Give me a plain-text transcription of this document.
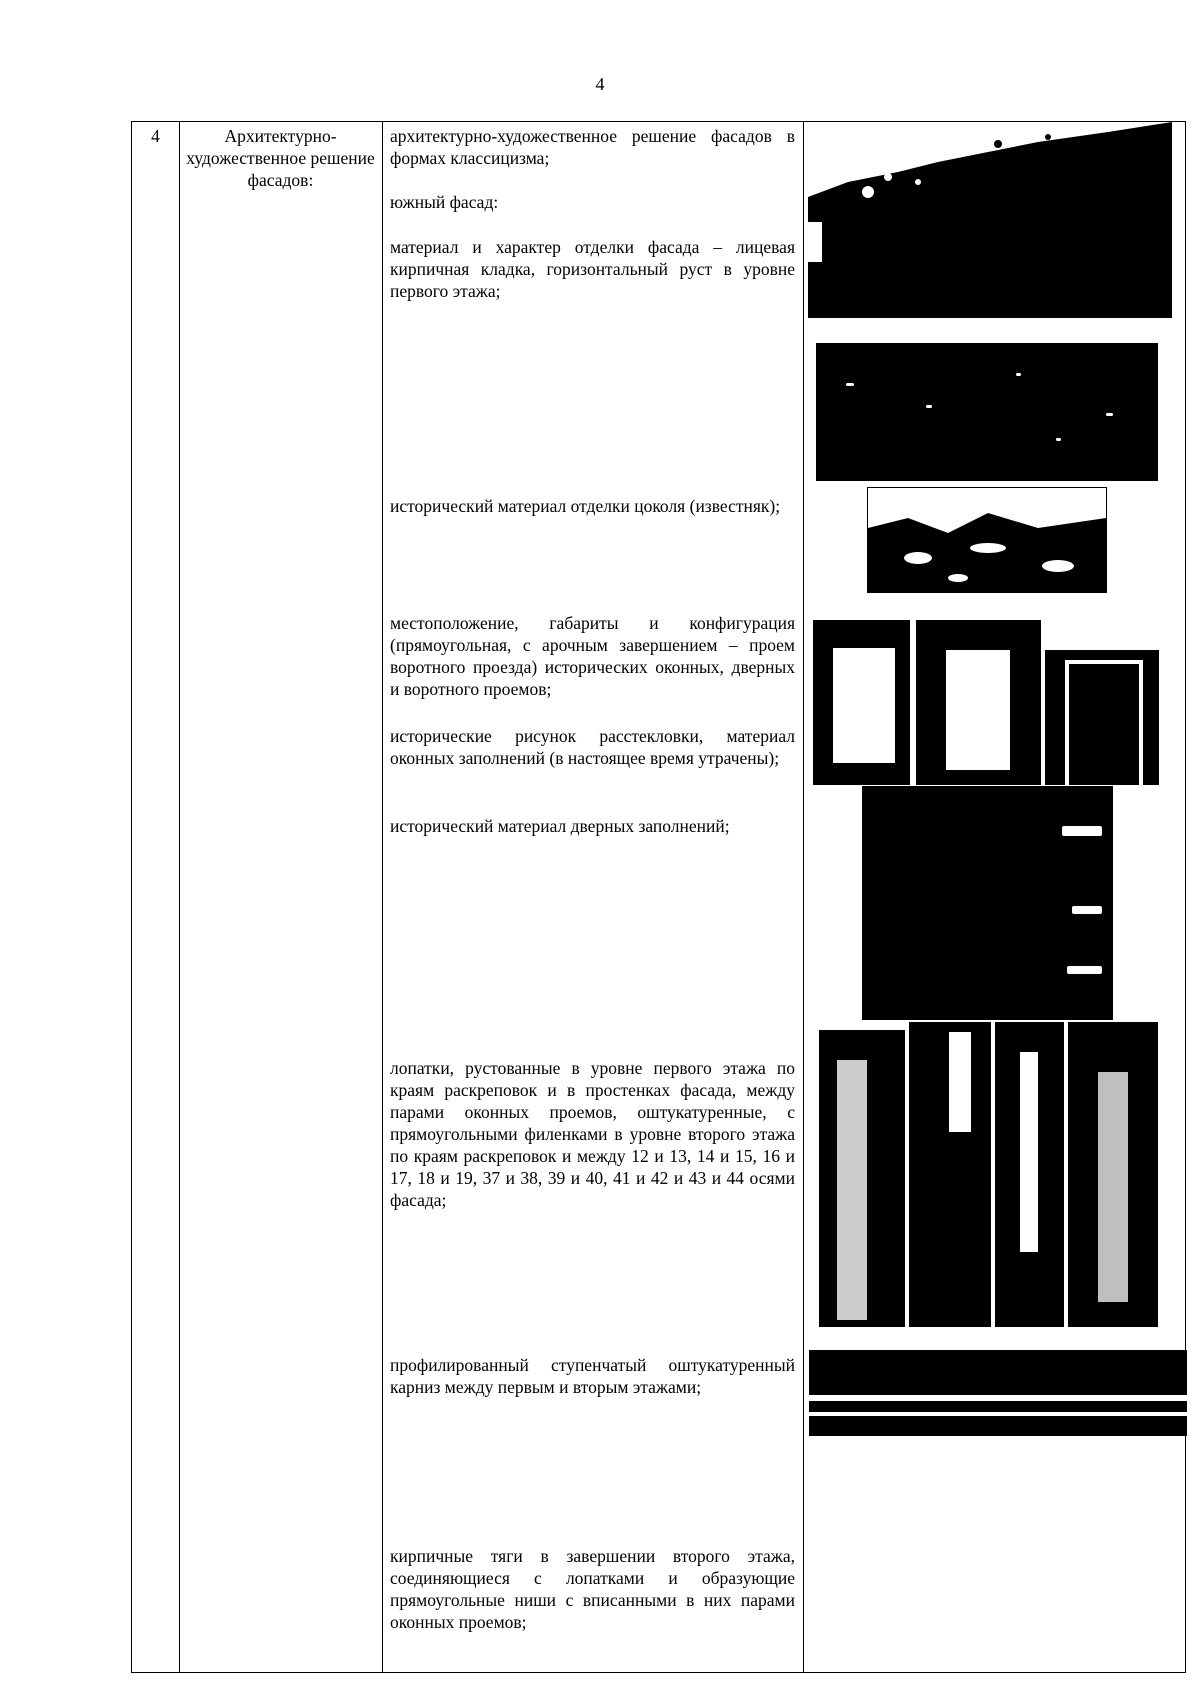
4
4	Архитектурно-художественное решение фасадов:
архитектурно-художественное решение фасадов в формах классицизма;
южный фасад:
материал и характер отделки фасада – лицевая кирпичная кладка, горизонтальный руст в уровне первого этажа;
исторический материал отделки цоколя (известняк);
местоположение, габариты и конфигурация (прямоугольная, с арочным завершением – проем воротного проезда) исторических оконных, дверных и воротного проемов;
исторические рисунок расстекловки, материал оконных заполнений (в настоящее время утрачены);
исторический материал дверных заполнений;
лопатки, рустованные в уровне первого этажа по краям раскреповок и в простенках фасада, между парами оконных проемов, оштукатуренные, с прямоугольными филенками в уровне второго этажа по краям раскреповок и между 12 и 13, 14 и 15, 16 и 17, 18 и 19, 37 и 38, 39 и 40, 41 и 42 и 43 и 44 осями фасада;
профилированный ступенчатый оштукатуренный карниз между первым и вторым этажами;
кирпичные тяги в завершении второго этажа, соединяющиеся с лопатками и образующие прямоугольные ниши с вписанными в них парами оконных проемов;
